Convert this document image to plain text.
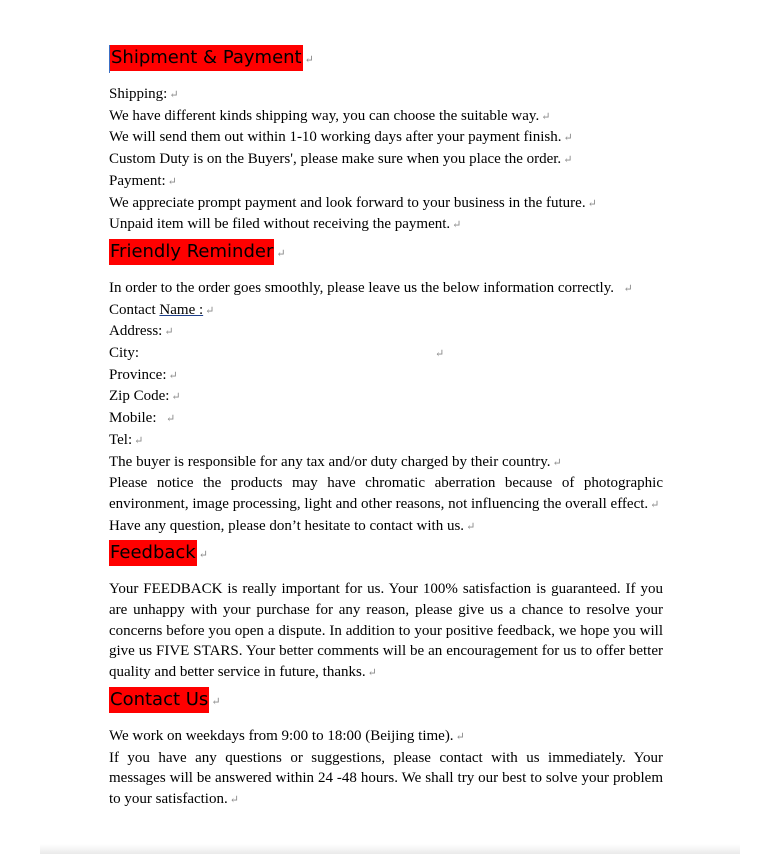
Shipment & Payment ↵
Shipping: ↵
We have different kinds shipping way, you can choose the suitable way. ↵
We will send them out within 1-10 working days after your payment finish. ↵
Custom Duty is on the Buyers', please make sure when you place the order. ↵
Payment: ↵
We appreciate prompt payment and look forward to your business in the future. ↵
Unpaid item will be filed without receiving the payment. ↵
Friendly Reminder ↵
In order to the order goes smoothly, please leave us the below information correctly. ↵
Contact Name : ↵
Address: ↵
City:	↵
Province: ↵
Zip Code: ↵
Mobile: ↵
Tel: ↵
The buyer is responsible for any tax and/or duty charged by their country. ↵
Please notice the products may have chromatic aberration because of photographic environment, image processing, light and other reasons, not influencing the overall effect. ↵
Have any question, please don’t hesitate to contact with us. ↵
Feedback ↵
Your FEEDBACK is really important for us. Your 100% satisfaction is guaranteed. If you are unhappy with your purchase for any reason, please give us a chance to resolve your concerns before you open a dispute. In addition to your positive feedback, we hope you will give us FIVE STARS. Your better comments will be an encouragement for us to offer better quality and better service in future, thanks. ↵
Contact Us ↵
We work on weekdays from 9:00 to 18:00 (Beijing time). ↵
If you have any questions or suggestions, please contact with us immediately. Your messages will be answered within 24 -48 hours. We shall try our best to solve your problem to your satisfaction. ↵
